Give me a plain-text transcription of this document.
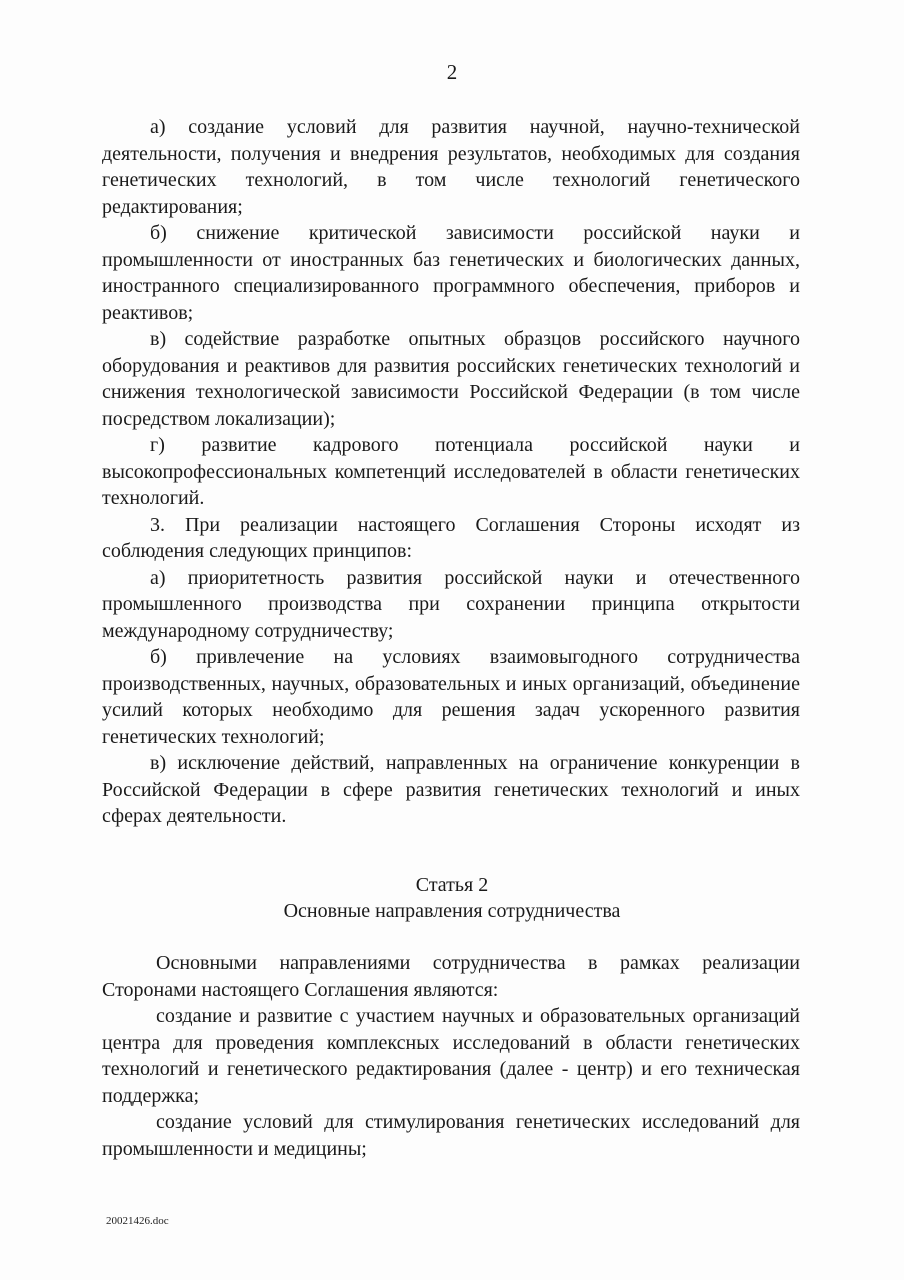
2

а) создание условий для развития научной, научно-технической деятельности, получения и внедрения результатов, необходимых для создания генетических технологий, в том числе технологий генетического редактирования;

б) снижение критической зависимости российской науки и промышленности от иностранных баз генетических и биологических данных, иностранного специализированного программного обеспечения, приборов и реактивов;

в) содействие разработке опытных образцов российского научного оборудования и реактивов для развития российских генетических технологий и снижения технологической зависимости Российской Федерации (в том числе посредством локализации);

г) развитие кадрового потенциала российской науки и высокопрофессиональных компетенций исследователей в области генетических технологий.

3. При реализации настоящего Соглашения Стороны исходят из соблюдения следующих принципов:

а) приоритетность развития российской науки и отечественного промышленного производства при сохранении принципа открытости международному сотрудничеству;

б) привлечение на условиях взаимовыгодного сотрудничества производственных, научных, образовательных и иных организаций, объединение усилий которых необходимо для решения задач ускоренного развития генетических технологий;

в) исключение действий, направленных на ограничение конкуренции в Российской Федерации в сфере развития генетических технологий и иных сферах деятельности.

Статья 2
Основные направления сотрудничества

Основными направлениями сотрудничества в рамках реализации Сторонами настоящего Соглашения являются:

создание и развитие с участием научных и образовательных организаций центра для проведения комплексных исследований в области генетических технологий и генетического редактирования (далее - центр) и его техническая поддержка;

создание условий для стимулирования генетических исследований для промышленности и медицины;

20021426.doc
